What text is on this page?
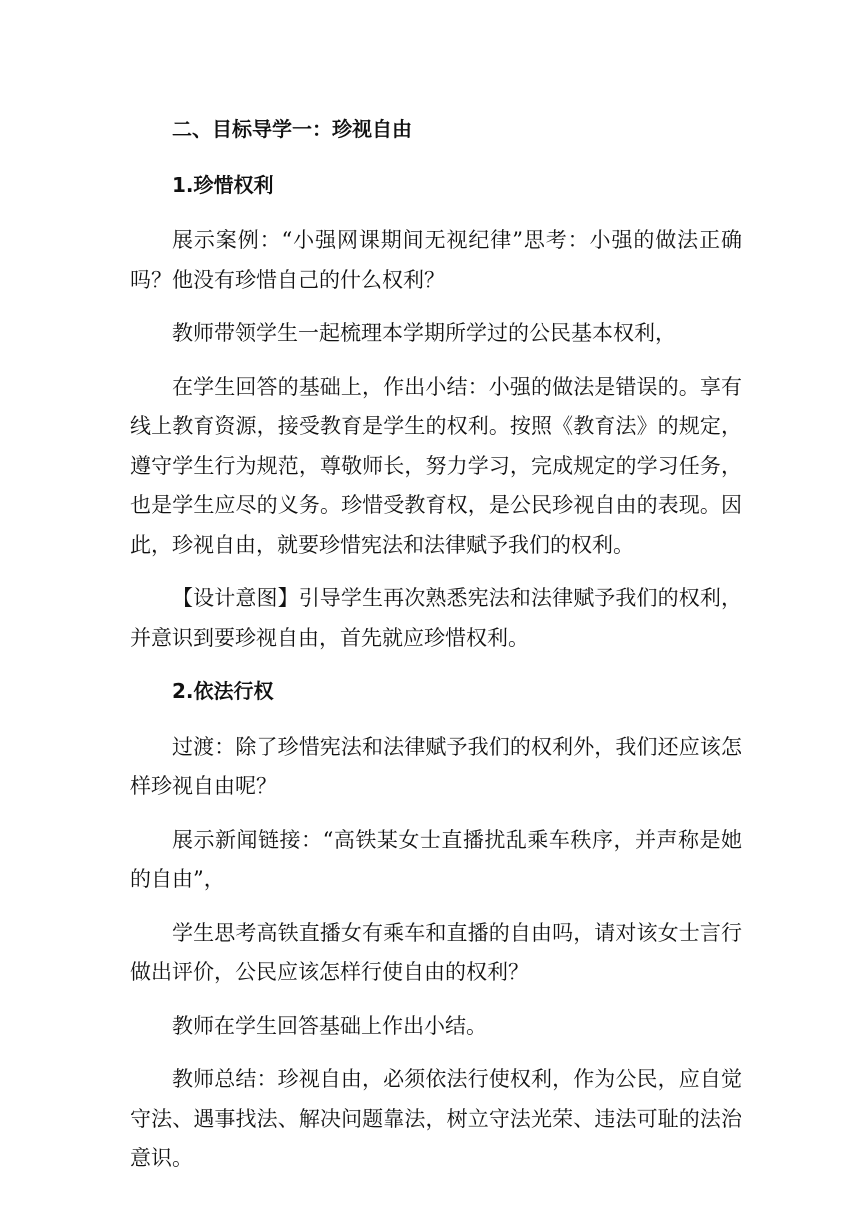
二、目标导学一：珍视自由

1.珍惜权利

展示案例：“小强网课期间无视纪律”思考：小强的做法正确吗？他没有珍惜自己的什么权利？

教师带领学生一起梳理本学期所学过的公民基本权利，

在学生回答的基础上，作出小结：小强的做法是错误的。享有线上教育资源，接受教育是学生的权利。按照《教育法》的规定，遵守学生行为规范，尊敬师长，努力学习，完成规定的学习任务，也是学生应尽的义务。珍惜受教育权，是公民珍视自由的表现。因此，珍视自由，就要珍惜宪法和法律赋予我们的权利。

【设计意图】引导学生再次熟悉宪法和法律赋予我们的权利，并意识到要珍视自由，首先就应珍惜权利。

2.依法行权

过渡：除了珍惜宪法和法律赋予我们的权利外，我们还应该怎样珍视自由呢？

展示新闻链接：“高铁某女士直播扰乱乘车秩序，并声称是她的自由”，

学生思考高铁直播女有乘车和直播的自由吗，请对该女士言行做出评价，公民应该怎样行使自由的权利？

教师在学生回答基础上作出小结。

教师总结：珍视自由，必须依法行使权利，作为公民，应自觉守法、遇事找法、解决问题靠法，树立守法光荣、违法可耻的法治意识。
